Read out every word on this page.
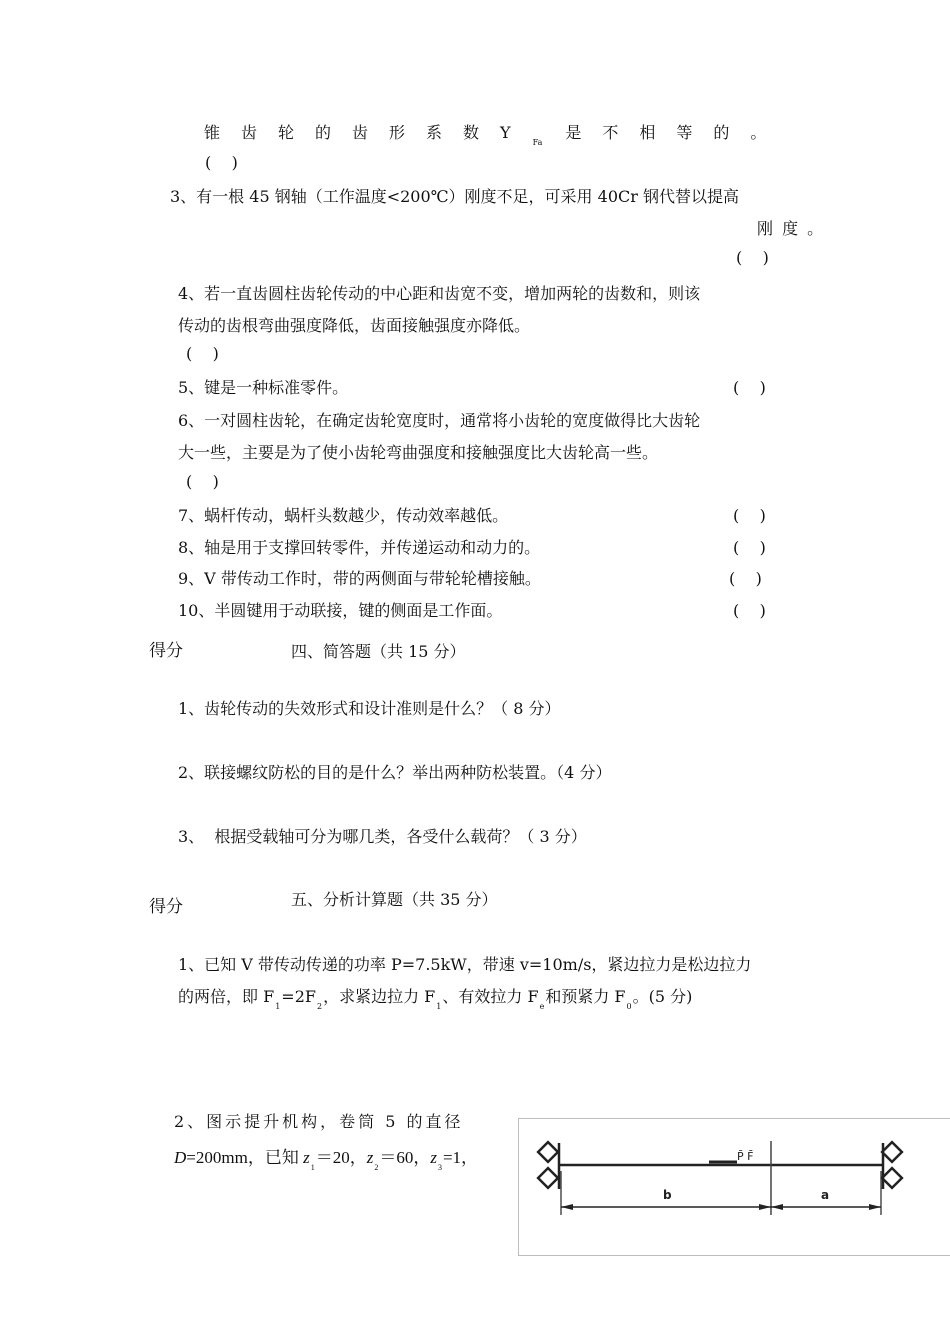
锥齿轮的齿形系数$Y_{Fa}$是不相等的。
(    )
3、有一根 45 钢轴（工作温度<200℃）刚度不足，可采用 40Cr 钢代替以提高
刚 度 。
(    )
4、若一直齿圆柱齿轮传动的中心距和齿宽不变，增加两轮的齿数和，则该
传动的齿根弯曲强度降低，齿面接触强度亦降低。
(    )
5、键是一种标准零件。	(    )
6、一对圆柱齿轮，在确定齿轮宽度时，通常将小齿轮的宽度做得比大齿轮
大一些，主要是为了使小齿轮弯曲强度和接触强度比大齿轮高一些。
(    )
7、蜗杆传动，蜗杆头数越少，传动效率越低。	(    )
8、轴是用于支撑回转零件，并传递运动和动力的。	(    )
9、V 带传动工作时，带的两侧面与带轮轮槽接触。	(    )
10、半圆键用于动联接，键的侧面是工作面。	(    )
得分	四、简答题（共 15 分）
1、齿轮传动的失效形式和设计准则是什么？（ 8 分）
2、联接螺纹防松的目的是什么？举出两种防松装置。（4 分）
3、  根据受载轴可分为哪几类，各受什么载荷？（ 3 分）
得分	五、分析计算题（共 35 分）
1、已知 V 带传动传递的功率 P=7.5kW，带速 v=10m/s，紧边拉力是松边拉力
的两倍，即 $F_1=2F_2$，求紧边拉力 $F_1$、有效拉力 $F_e$和预紧力 $F_0$。(5 分)
2、图示提升机构，卷筒 5 的直径
D=200mm，已知 $z_1=20$，$z_2=60$，$z_3=1$，	P̄ F̄
b	a
